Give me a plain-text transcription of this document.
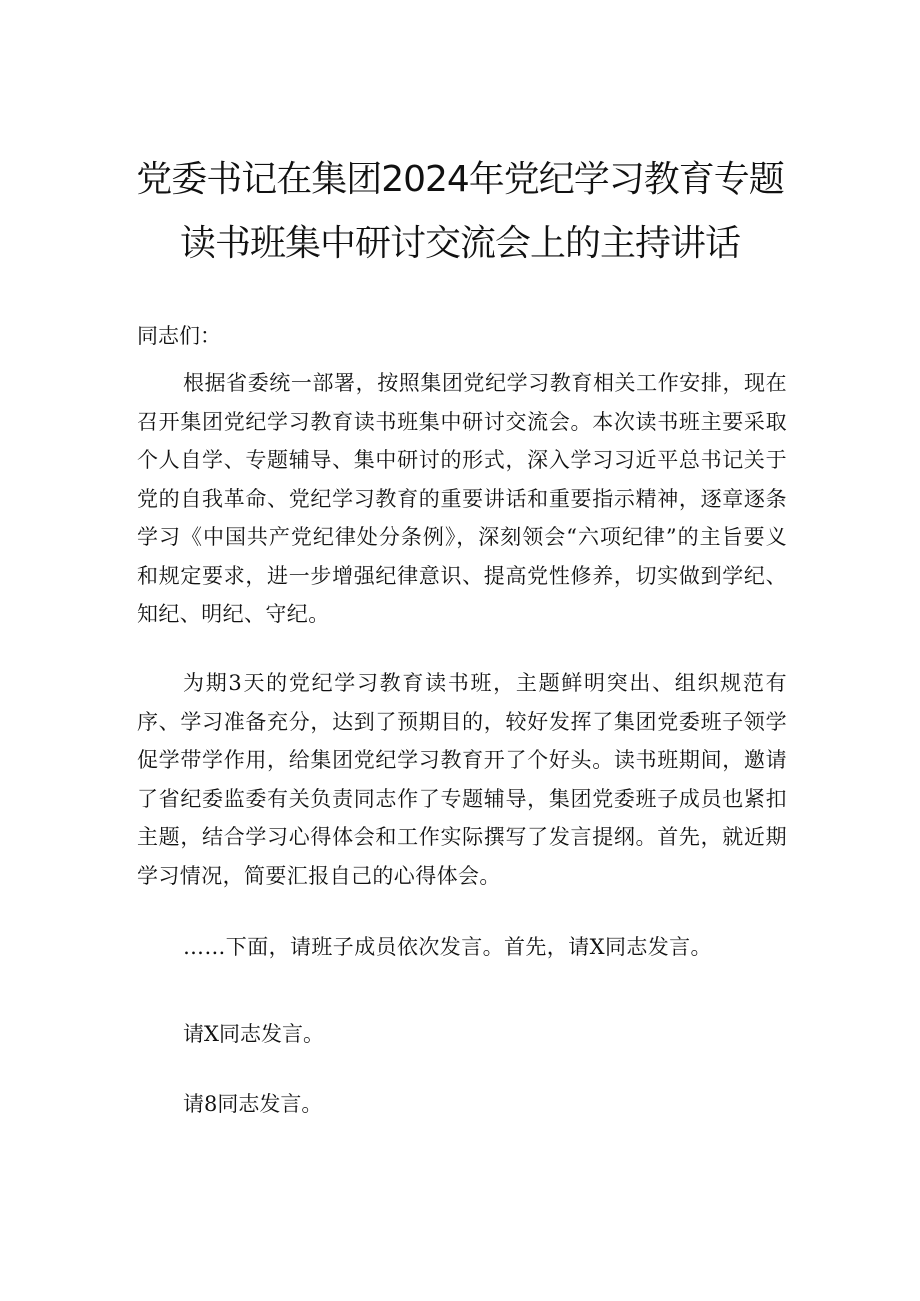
党委书记在集团2024年党纪学习教育专题
读书班集中研讨交流会上的主持讲话
同志们：

根据省委统一部署，按照集团党纪学习教育相关工作安排，现在召开集团党纪学习教育读书班集中研讨交流会。本次读书班主要采取个人自学、专题辅导、集中研讨的形式，深入学习习近平总书记关于党的自我革命、党纪学习教育的重要讲话和重要指示精神，逐章逐条学习《中国共产党纪律处分条例》，深刻领会“六项纪律”的主旨要义和规定要求，进一步增强纪律意识、提高党性修养，切实做到学纪、知纪、明纪、守纪。

为期3天的党纪学习教育读书班，主题鲜明突出、组织规范有序、学习准备充分，达到了预期目的，较好发挥了集团党委班子领学促学带学作用，给集团党纪学习教育开了个好头。读书班期间，邀请了省纪委监委有关负责同志作了专题辅导，集团党委班子成员也紧扣主题，结合学习心得体会和工作实际撰写了发言提纲。首先，就近期学习情况，简要汇报自己的心得体会。

……下面，请班子成员依次发言。首先，请X同志发言。

请X同志发言。

请8同志发言。
